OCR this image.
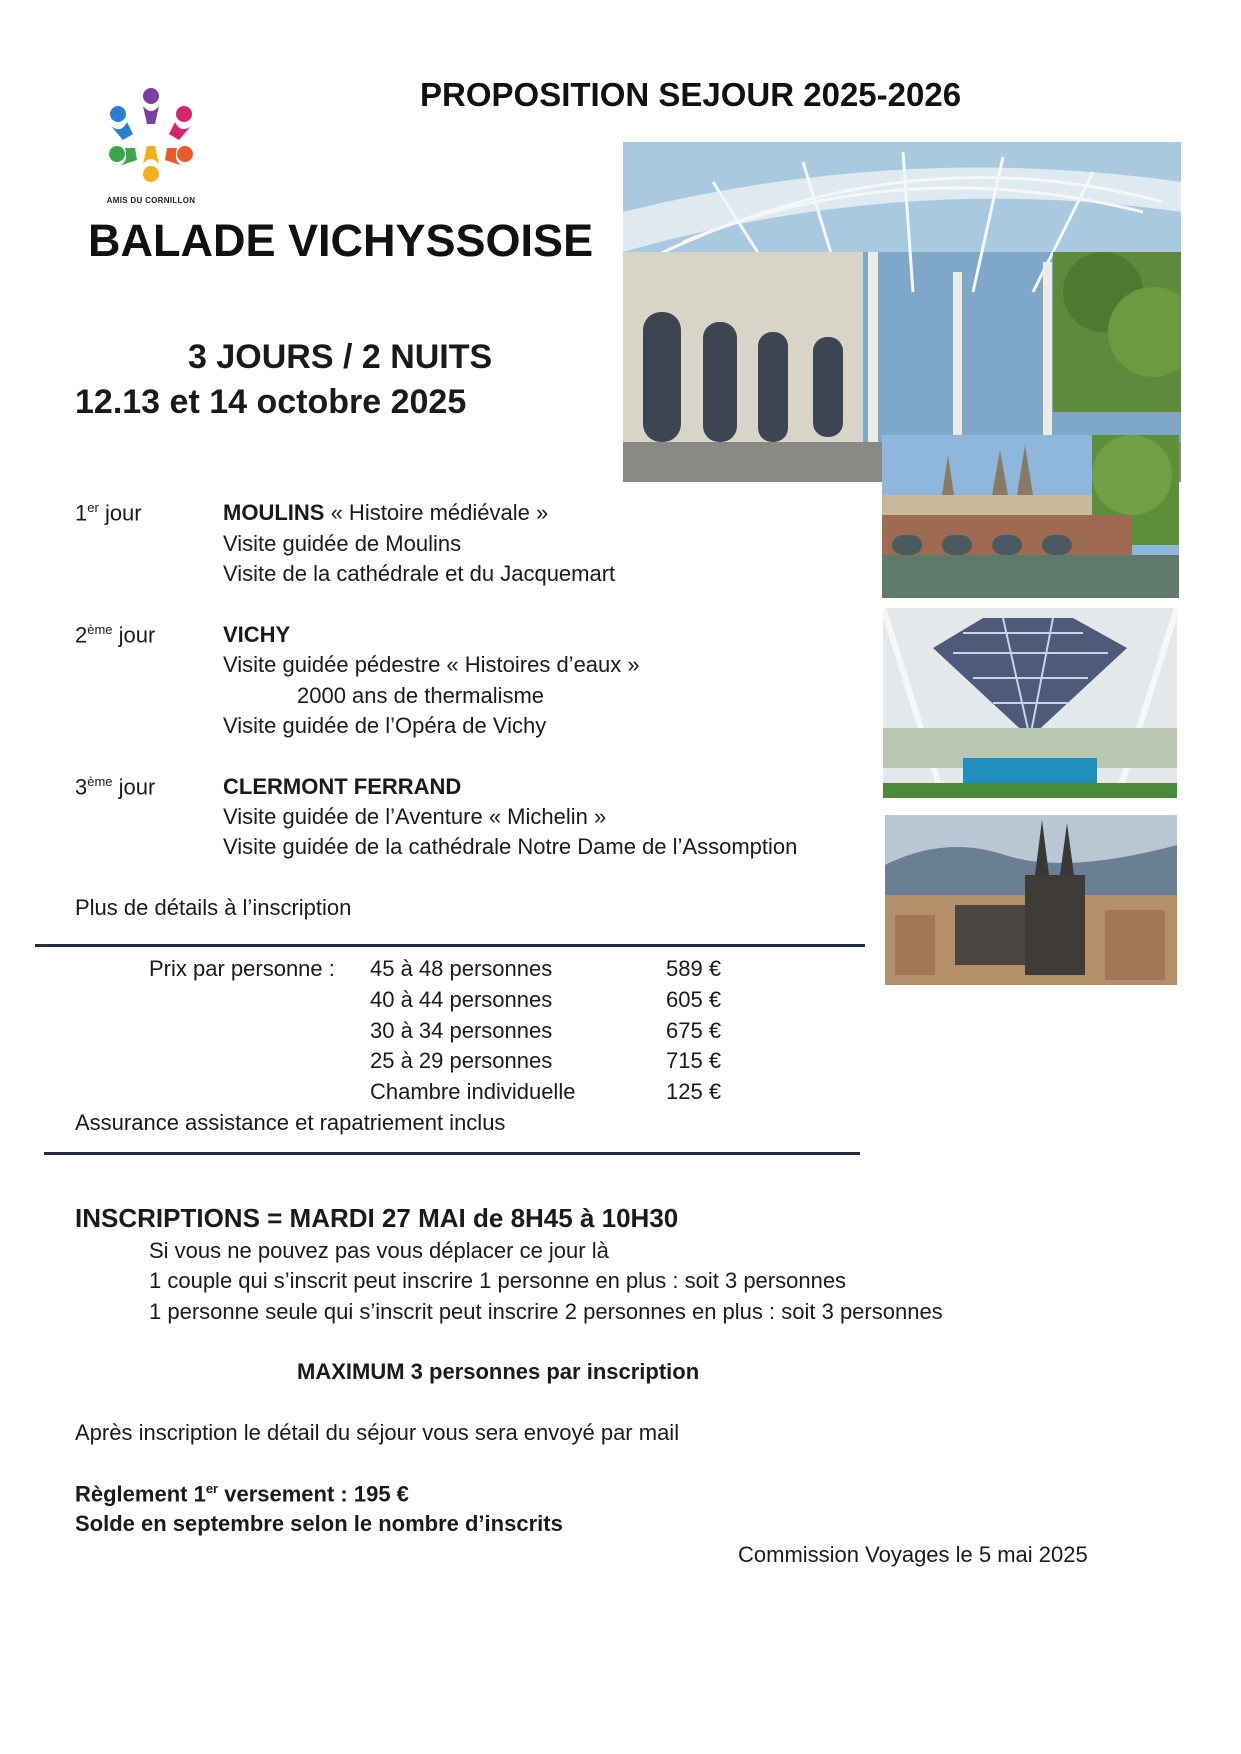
AMIS DU CORNILLON
PROPOSITION SEJOUR 2025-2026
BALADE VICHYSSOISE
3 JOURS / 2 NUITS
12.13 et 14 octobre 2025
1er jour	MOULINS « Histoire médiévale »
Visite guidée de Moulins
Visite de la cathédrale et du Jacquemart
2ème jour	VICHY
Visite guidée pédestre « Histoires d’eaux »
2000 ans de thermalisme
Visite guidée de l’Opéra de Vichy
3ème jour	CLERMONT FERRAND
Visite guidée de l’Aventure « Michelin »
Visite guidée de la cathédrale Notre Dame de l’Assomption
Plus de détails à l’inscription
Prix par personne : 45 à 48 personnes	589 €
40 à 44 personnes	605 €
30 à 34 personnes	675 €
25 à 29 personnes	715 €
Chambre individuelle	125 €
Assurance assistance et rapatriement inclus
INSCRIPTIONS = MARDI 27 MAI de 8H45 à 10H30
Si vous ne pouvez pas vous déplacer ce jour là
1 couple qui s’inscrit peut inscrire 1 personne en plus : soit 3 personnes
1 personne seule qui s’inscrit peut inscrire 2 personnes en plus : soit 3 personnes
MAXIMUM 3 personnes par inscription
Après inscription le détail du séjour vous sera envoyé par mail
Règlement 1er versement : 195 €
Solde en septembre selon le nombre d’inscrits
Commission Voyages le 5 mai 2025
